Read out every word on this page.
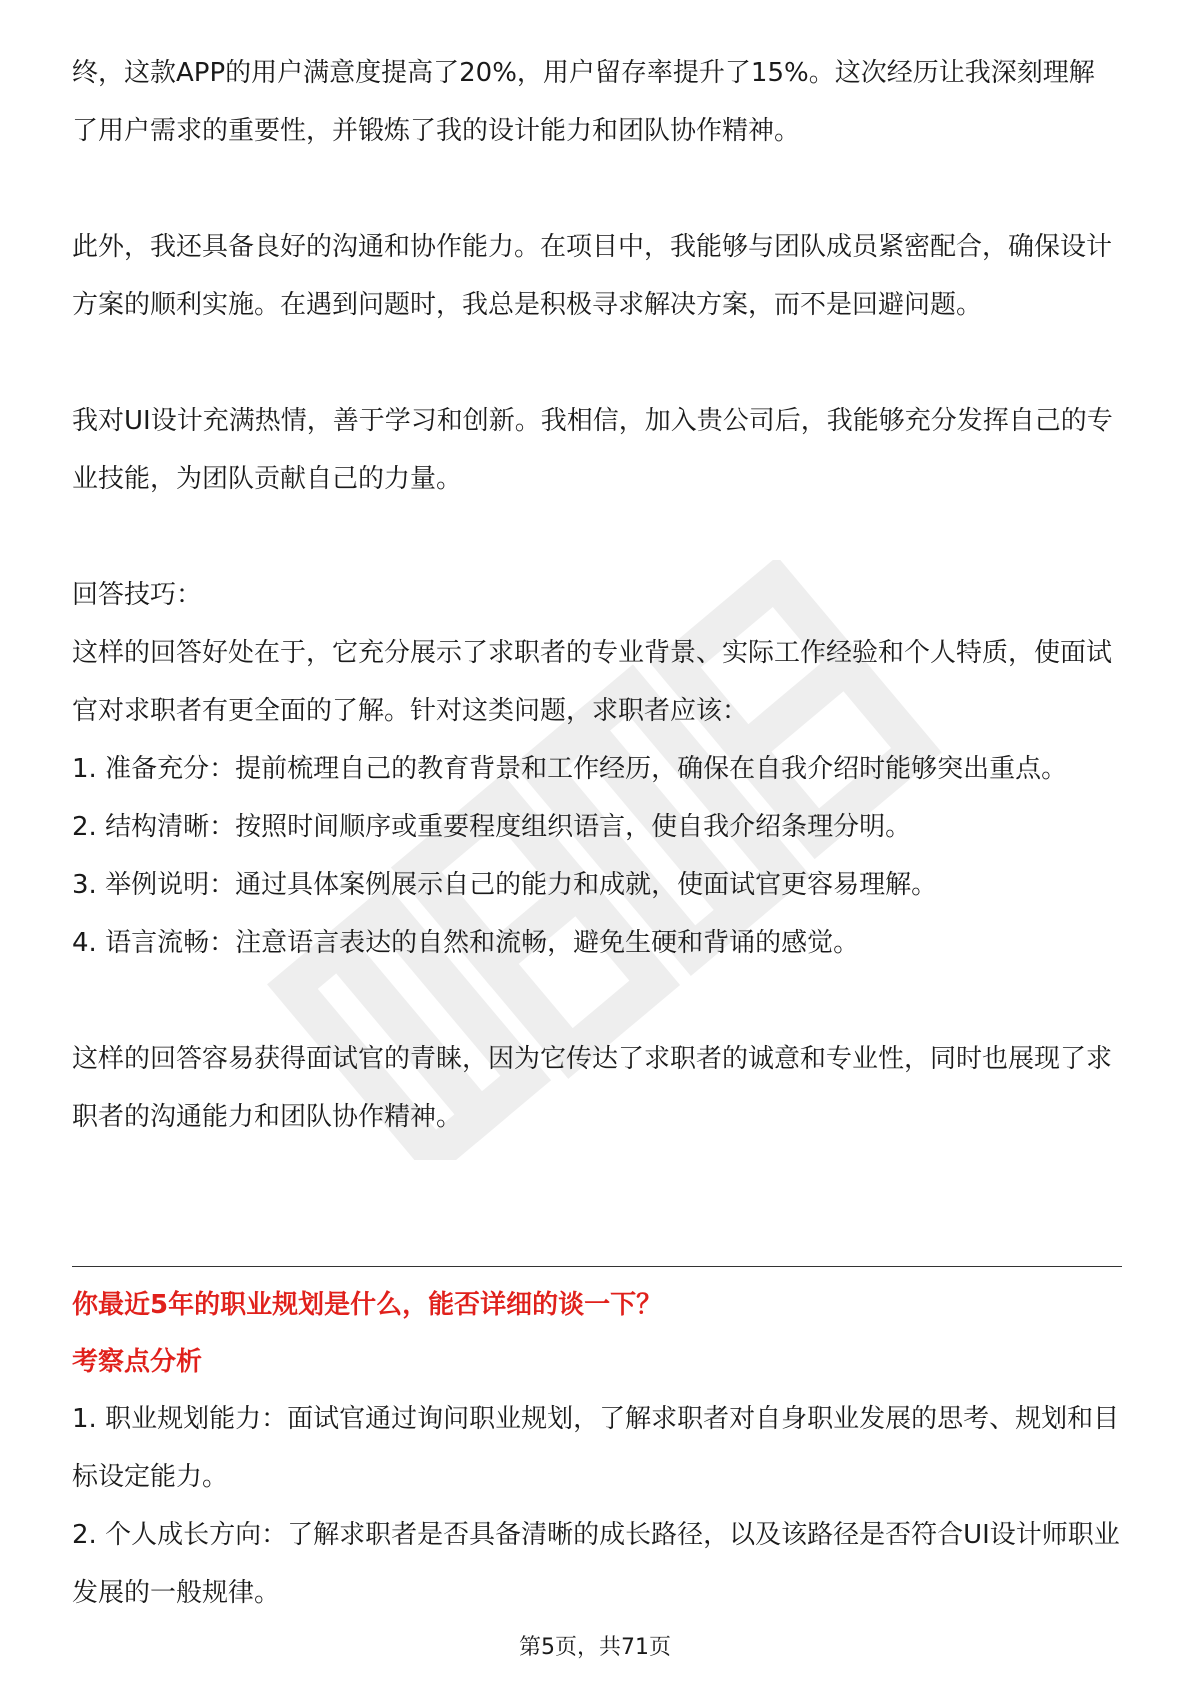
终，这款APP的用户满意度提高了20%，用户留存率提升了15%。这次经历让我深刻理解了用户需求的重要性，并锻炼了我的设计能力和团队协作精神。

此外，我还具备良好的沟通和协作能力。在项目中，我能够与团队成员紧密配合，确保设计方案的顺利实施。在遇到问题时，我总是积极寻求解决方案，而不是回避问题。

我对UI设计充满热情，善于学习和创新。我相信，加入贵公司后，我能够充分发挥自己的专业技能，为团队贡献自己的力量。

回答技巧：

这样的回答好处在于，它充分展示了求职者的专业背景、实际工作经验和个人特质，使面试官对求职者有更全面的了解。针对这类问题，求职者应该：

1. 准备充分：提前梳理自己的教育背景和工作经历，确保在自我介绍时能够突出重点。

2. 结构清晰：按照时间顺序或重要程度组织语言，使自我介绍条理分明。

3. 举例说明：通过具体案例展示自己的能力和成就，使面试官更容易理解。

4. 语言流畅：注意语言表达的自然和流畅，避免生硬和背诵的感觉。

这样的回答容易获得面试官的青睐，因为它传达了求职者的诚意和专业性，同时也展现了求职者的沟通能力和团队协作精神。

你最近5年的职业规划是什么，能否详细的谈一下？

考察点分析

1. 职业规划能力：面试官通过询问职业规划，了解求职者对自身职业发展的思考、规划和目标设定能力。

2. 个人成长方向：了解求职者是否具备清晰的成长路径，以及该路径是否符合UI设计师职业发展的一般规律。

第5页，共71页
